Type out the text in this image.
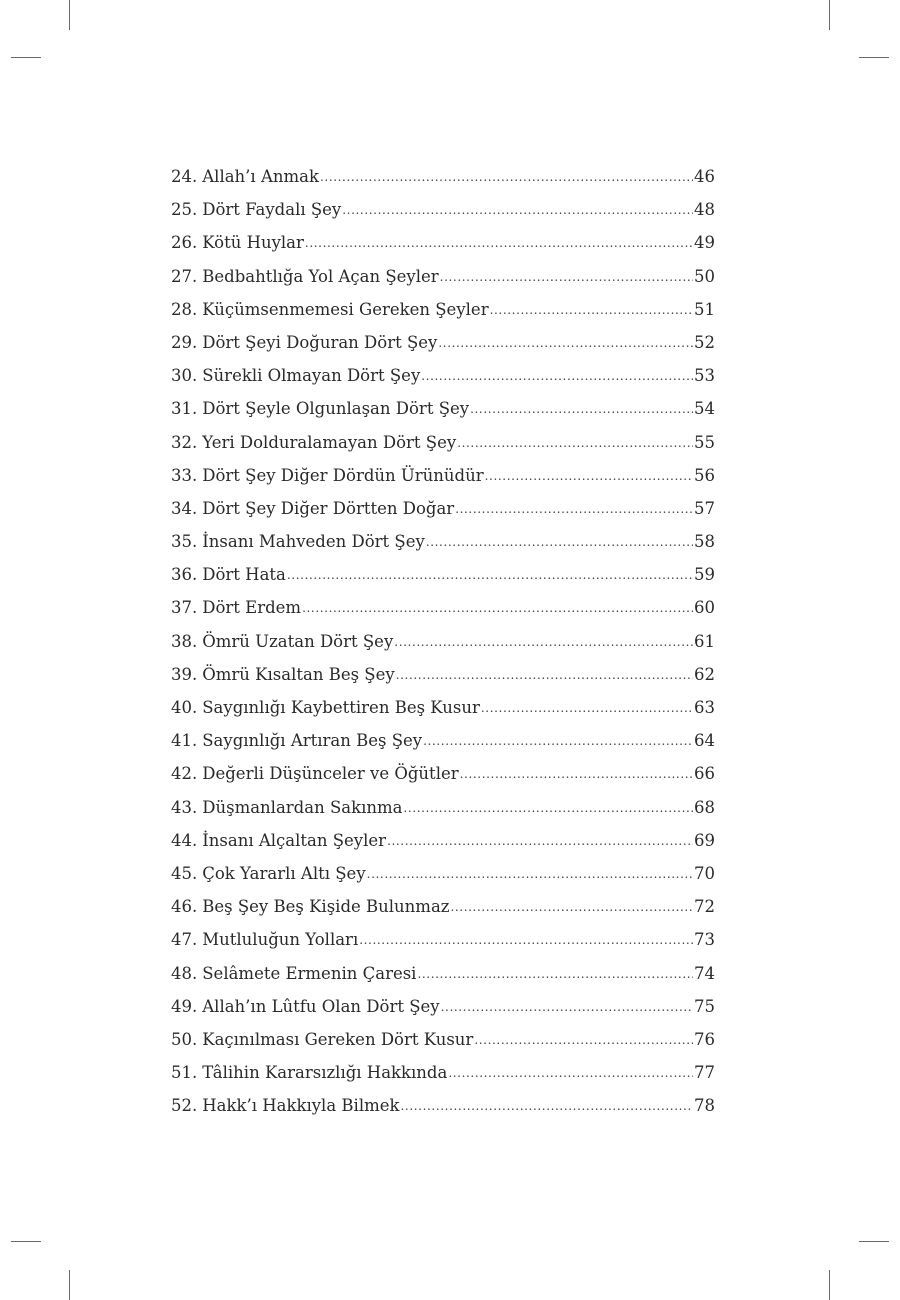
24. Allah’ı Anmak .....	46
25. Dört Faydalı Şey .....	48
26. Kötü Huylar .....	49
27. Bedbahtlığa Yol Açan Şeyler .....	50
28. Küçümsenmemesi Gereken Şeyler .....	51
29. Dört Şeyi Doğuran Dört Şey .....	52
30. Sürekli Olmayan Dört Şey .....	53
31. Dört Şeyle Olgunlaşan Dört Şey .....	54
32. Yeri Dolduralamayan Dört Şey .....	55
33. Dört Şey Diğer Dördün Ürünüdür .....	56
34. Dört Şey Diğer Dörtten Doğar .....	57
35. İnsanı Mahveden Dört Şey .....	58
36. Dört Hata .....	59
37. Dört Erdem .....	60
38. Ömrü Uzatan Dört Şey .....	61
39. Ömrü Kısaltan Beş Şey .....	62
40. Saygınlığı Kaybettiren Beş Kusur .....	63
41. Saygınlığı Artıran Beş Şey .....	64
42. Değerli Düşünceler ve Öğütler .....	66
43. Düşmanlardan Sakınma .....	68
44. İnsanı Alçaltan Şeyler .....	69
45. Çok Yararlı Altı Şey .....	70
46. Beş Şey Beş Kişide Bulunmaz .....	72
47. Mutluluğun Yolları .....	73
48. Selâmete Ermenin Çaresi .....	74
49. Allah’ın Lûtfu Olan Dört Şey .....	75
50. Kaçınılması Gereken Dört Kusur .....	76
51. Tâlihin Kararsızlığı Hakkında .....	77
52. Hakk’ı Hakkıyla Bilmek .....	78
